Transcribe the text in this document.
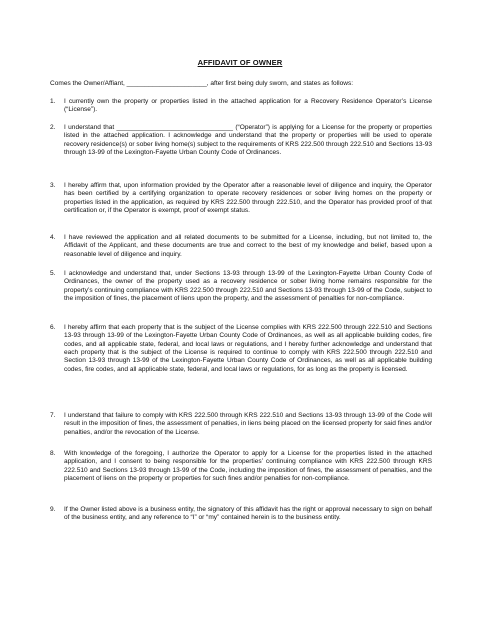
AFFIDAVIT OF OWNER
Comes the Owner/Affiant, ______________________, after first being duly sworn, and states as follows:
1.	I currently own the property or properties listed in the attached application for a Recovery Residence Operator’s License (“License”).
2.	I understand that ________________________________ (“Operator”) is applying for a License for the property or properties listed in the attached application. I acknowledge and understand that the property or properties will be used to operate recovery residence(s) or sober living home(s) subject to the requirements of KRS 222.500 through 222.510 and Sections 13-93 through 13-99 of the Lexington-Fayette Urban County Code of Ordinances.
3.	I hereby affirm that, upon information provided by the Operator after a reasonable level of diligence and inquiry, the Operator has been certified by a certifying organization to operate recovery residences or sober living homes on the property or properties listed in the application, as required by KRS 222.500 through 222.510, and the Operator has provided proof of that certification or, if the Operator is exempt, proof of exempt status.
4.	I have reviewed the application and all related documents to be submitted for a License, including, but not limited to, the Affidavit of the Applicant, and these documents are true and correct to the best of my knowledge and belief, based upon a reasonable level of diligence and inquiry.
5.	I acknowledge and understand that, under Sections 13-93 through 13-99 of the Lexington-Fayette Urban County Code of Ordinances, the owner of the property used as a recovery residence or sober living home remains responsible for the property’s continuing compliance with KRS 222.500 through 222.510 and Sections 13-93 through 13-99 of the Code, subject to the imposition of fines, the placement of liens upon the property, and the assessment of penalties for non-compliance.
6.	I hereby affirm that each property that is the subject of the License complies with KRS 222.500 through 222.510 and Sections 13-93 through 13-99 of the Lexington-Fayette Urban County Code of Ordinances, as well as all applicable building codes, fire codes, and all applicable state, federal, and local laws or regulations, and I hereby further acknowledge and understand that each property that is the subject of the License is required to continue to comply with KRS 222.500 through 222.510 and Section 13-93 through 13-99 of the Lexington-Fayette Urban County Code of Ordinances, as well as all applicable building codes, fire codes, and all applicable state, federal, and local laws or regulations, for as long as the property is licensed.
7.	I understand that failure to comply with KRS 222.500 through KRS 222.510 and Sections 13-93 through 13-99 of the Code will result in the imposition of fines, the assessment of penalties, in liens being placed on the licensed property for said fines and/or penalties, and/or the revocation of the License.
8.	With knowledge of the foregoing, I authorize the Operator to apply for a License for the properties listed in the attached application, and I consent to being responsible for the properties’ continuing compliance with KRS 222.500 through KRS 222.510 and Sections 13-93 through 13-99 of the Code, including the imposition of fines, the assessment of penalties, and the placement of liens on the property or properties for such fines and/or penalties for non-compliance.
9.	If the Owner listed above is a business entity, the signatory of this affidavit has the right or approval necessary to sign on behalf of the business entity, and any reference to “I” or “my” contained herein is to the business entity.
